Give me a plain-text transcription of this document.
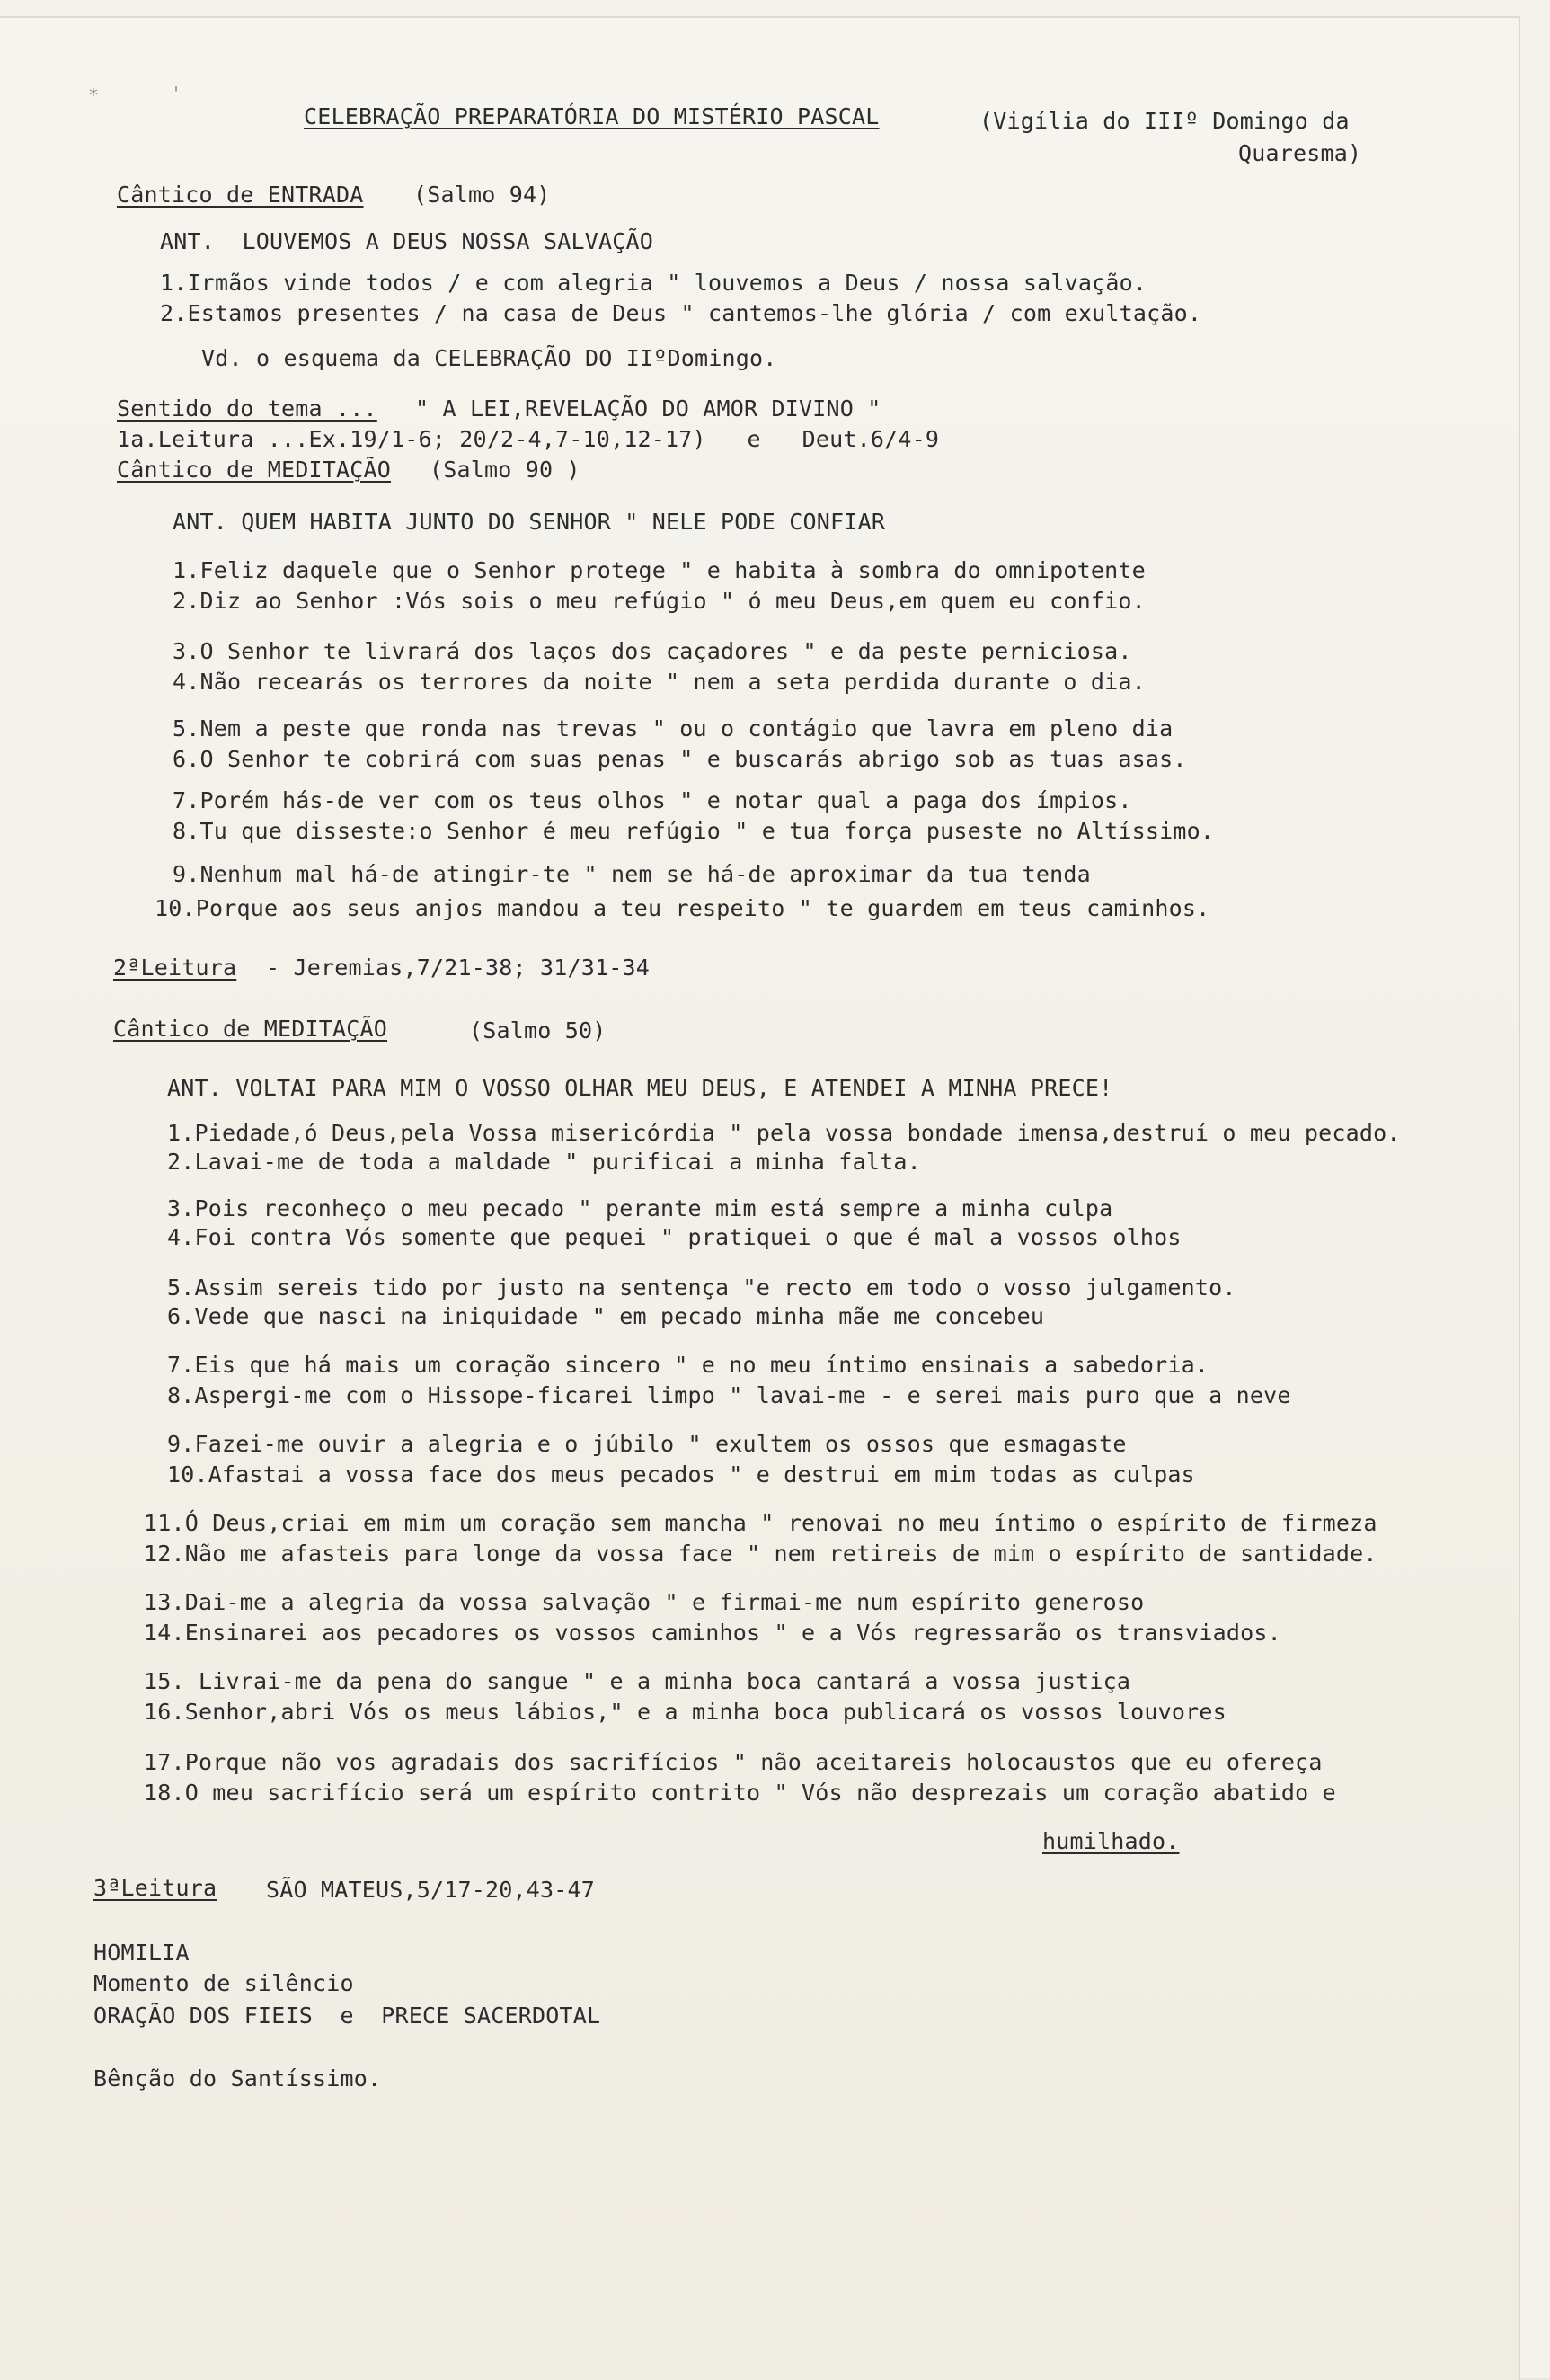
*	'
CELEBRAÇÃO PREPARATÓRIA DO MISTÉRIO PASCAL	(Vigília do IIIº Domingo da
Quaresma)
Cântico de ENTRADA (Salmo 94)
ANT.  LOUVEMOS A DEUS NOSSA SALVAÇÃO
1.Irmãos vinde todos / e com alegria " louvemos a Deus / nossa salvação.
2.Estamos presentes / na casa de Deus " cantemos-lhe glória / com exultação.
Vd. o esquema da CELEBRAÇÃO DO IIºDomingo.
Sentido do tema ... " A LEI,REVELAÇÃO DO AMOR DIVINO "
1a.Leitura ...Ex.19/1-6; 20/2-4,7-10,12-17)   e   Deut.6/4-9
Cântico de MEDITAÇÃO (Salmo 90 )
ANT. QUEM HABITA JUNTO DO SENHOR " NELE PODE CONFIAR
1.Feliz daquele que o Senhor protege " e habita à sombra do omnipotente
2.Diz ao Senhor :Vós sois o meu refúgio " ó meu Deus,em quem eu confio.
3.O Senhor te livrará dos laços dos caçadores " e da peste perniciosa.
4.Não recearás os terrores da noite " nem a seta perdida durante o dia.
5.Nem a peste que ronda nas trevas " ou o contágio que lavra em pleno dia
6.O Senhor te cobrirá com suas penas " e buscarás abrigo sob as tuas asas.
7.Porém hás-de ver com os teus olhos " e notar qual a paga dos ímpios.
8.Tu que disseste:o Senhor é meu refúgio " e tua força puseste no Altíssimo.
9.Nenhum mal há-de atingir-te " nem se há-de aproximar da tua tenda
10.Porque aos seus anjos mandou a teu respeito " te guardem em teus caminhos.
2ªLeitura - Jeremias,7/21-38; 31/31-34
Cântico de MEDITAÇÃO	(Salmo 50)
ANT. VOLTAI PARA MIM O VOSSO OLHAR MEU DEUS, E ATENDEI A MINHA PRECE!
1.Piedade,ó Deus,pela Vossa misericórdia " pela vossa bondade imensa,destruí o meu pecado.
2.Lavai-me de toda a maldade " purificai a minha falta.
3.Pois reconheço o meu pecado " perante mim está sempre a minha culpa
4.Foi contra Vós somente que pequei " pratiquei o que é mal a vossos olhos
5.Assim sereis tido por justo na sentença "e recto em todo o vosso julgamento.
6.Vede que nasci na iniquidade " em pecado minha mãe me concebeu
7.Eis que há mais um coração sincero " e no meu íntimo ensinais a sabedoria.
8.Aspergi-me com o Hissope-ficarei limpo " lavai-me - e serei mais puro que a neve
9.Fazei-me ouvir a alegria e o júbilo " exultem os ossos que esmagaste
10.Afastai a vossa face dos meus pecados " e destrui em mim todas as culpas
11.Ó Deus,criai em mim um coração sem mancha " renovai no meu íntimo o espírito de firmeza
12.Não me afasteis para longe da vossa face " nem retireis de mim o espírito de santidade.
13.Dai-me a alegria da vossa salvação " e firmai-me num espírito generoso
14.Ensinarei aos pecadores os vossos caminhos " e a Vós regressarão os transviados.
15. Livrai-me da pena do sangue " e a minha boca cantará a vossa justiça
16.Senhor,abri Vós os meus lábios," e a minha boca publicará os vossos louvores
17.Porque não vos agradais dos sacrifícios " não aceitareis holocaustos que eu ofereça
18.O meu sacrifício será um espírito contrito " Vós não desprezais um coração abatido e
humilhado.
3ªLeitura SÃO MATEUS,5/17-20,43-47
HOMILIA
Momento de silêncio
ORAÇÃO DOS FIEIS  e  PRECE SACERDOTAL
Bênção do Santíssimo.
